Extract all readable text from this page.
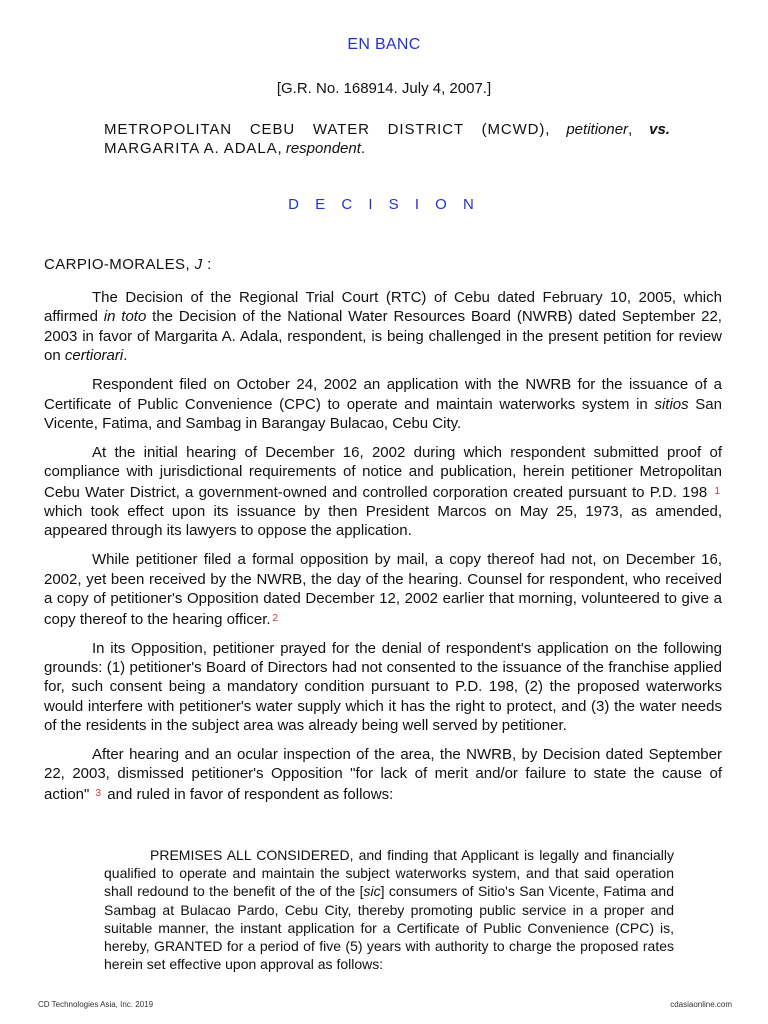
EN BANC
[G.R. No. 168914. July 4, 2007.]
METROPOLITAN CEBU WATER DISTRICT (MCWD), petitioner, vs. MARGARITA A. ADALA, respondent.
D E C I S I O N
CARPIO-MORALES, J :

The Decision of the Regional Trial Court (RTC) of Cebu dated February 10, 2005, which affirmed in toto the Decision of the National Water Resources Board (NWRB) dated September 22, 2003 in favor of Margarita A. Adala, respondent, is being challenged in the present petition for review on certiorari.

Respondent filed on October 24, 2002 an application with the NWRB for the issuance of a Certificate of Public Convenience (CPC) to operate and maintain waterworks system in sitios San Vicente, Fatima, and Sambag in Barangay Bulacao, Cebu City.

At the initial hearing of December 16, 2002 during which respondent submitted proof of compliance with jurisdictional requirements of notice and publication, herein petitioner Metropolitan Cebu Water District, a government-owned and controlled corporation created pursuant to P.D. 198 $^1$ which took effect upon its issuance by then President Marcos on May 25, 1973, as amended, appeared through its lawyers to oppose the application.

While petitioner filed a formal opposition by mail, a copy thereof had not, on December 16, 2002, yet been received by the NWRB, the day of the hearing. Counsel for respondent, who received a copy of petitioner's Opposition dated December 12, 2002 earlier that morning, volunteered to give a copy thereof to the hearing officer. $^2$

In its Opposition, petitioner prayed for the denial of respondent's application on the following grounds: (1) petitioner's Board of Directors had not consented to the issuance of the franchise applied for, such consent being a mandatory condition pursuant to P.D. 198, (2) the proposed waterworks would interfere with petitioner's water supply which it has the right to protect, and (3) the water needs of the residents in the subject area was already being well served by petitioner.

After hearing and an ocular inspection of the area, the NWRB, by Decision dated September 22, 2003, dismissed petitioner's Opposition "for lack of merit and/or failure to state the cause of action" $^3$ and ruled in favor of respondent as follows:

PREMISES ALL CONSIDERED, and finding that Applicant is legally and financially qualified to operate and maintain the subject waterworks system, and that said operation shall redound to the benefit of the of the [sic] consumers of Sitio's San Vicente, Fatima and Sambag at Bulacao Pardo, Cebu City, thereby promoting public service in a proper and suitable manner, the instant application for a Certificate of Public Convenience (CPC) is, hereby, GRANTED for a period of five (5) years with authority to charge the proposed rates herein set effective upon approval as follows:
CD Technologies Asia, Inc. 2019	cdasiaonline.com
